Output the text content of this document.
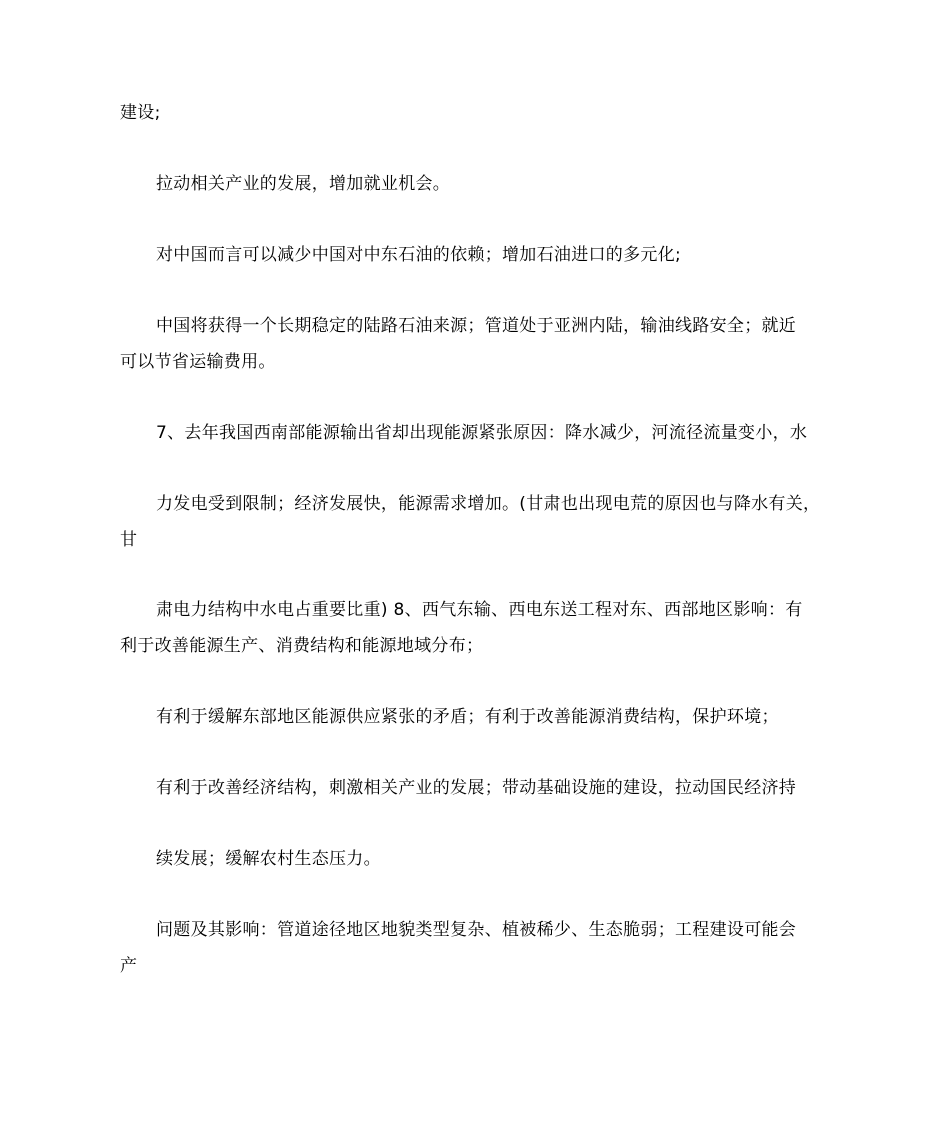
建设;
拉动相关产业的发展，增加就业机会。
对中国而言可以减少中国对中东石油的依赖；增加石油进口的多元化;
中国将获得一个长期稳定的陆路石油来源；管道处于亚洲内陆，输油线路安全；就近
可以节省运输费用。
7、去年我国西南部能源输出省却出现能源紧张原因：降水减少，河流径流量变小，水
力发电受到限制；经济发展快，能源需求增加。(甘肃也出现电荒的原因也与降水有关，
甘
肃电力结构中水电占重要比重) 8、西气东输、西电东送工程对东、西部地区影响：有
利于改善能源生产、消费结构和能源地域分布；
有利于缓解东部地区能源供应紧张的矛盾；有利于改善能源消费结构，保护环境；
有利于改善经济结构，刺激相关产业的发展；带动基础设施的建设，拉动国民经济持
续发展；缓解农村生态压力。
问题及其影响：管道途径地区地貌类型复杂、植被稀少、生态脆弱；工程建设可能会
产
